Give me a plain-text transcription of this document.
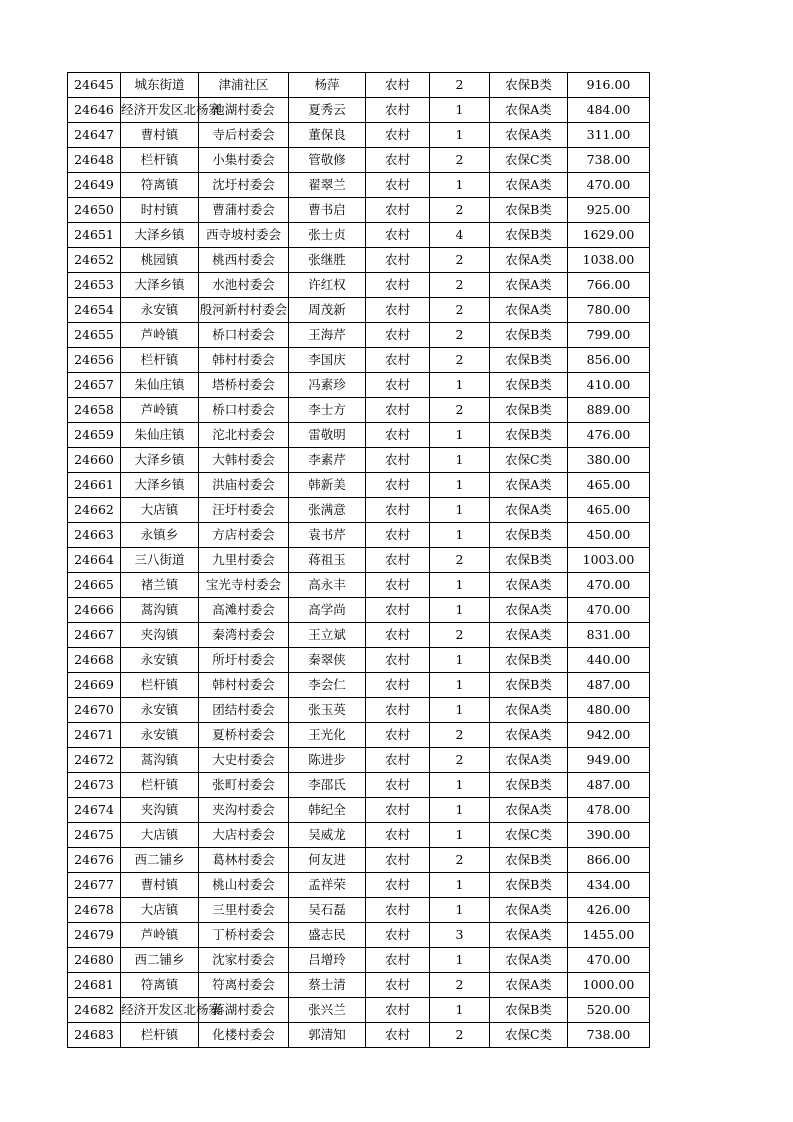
24645	城东街道	津浦社区	杨萍	农村	2	农保B类	916.00
24646	经济开发区北杨寨	池湖村委会	夏秀云	农村	1	农保A类	484.00
24647	曹村镇	寺后村委会	董保良	农村	1	农保A类	311.00
24648	栏杆镇	小集村委会	管敬修	农村	2	农保C类	738.00
24649	符离镇	沈圩村委会	翟翠兰	农村	1	农保A类	470.00
24650	时村镇	曹蒲村委会	曹书启	农村	2	农保B类	925.00
24651	大泽乡镇	西寺坡村委会	张士贞	农村	4	农保B类	1629.00
24652	桃园镇	桃西村委会	张继胜	农村	2	农保A类	1038.00
24653	大泽乡镇	水池村委会	许红权	农村	2	农保A类	766.00
24654	永安镇	殷河新村村委会	周茂新	农村	2	农保A类	780.00
24655	芦岭镇	桥口村委会	王海芹	农村	2	农保B类	799.00
24656	栏杆镇	韩村村委会	李国庆	农村	2	农保B类	856.00
24657	朱仙庄镇	塔桥村委会	冯素珍	农村	1	农保B类	410.00
24658	芦岭镇	桥口村委会	李士方	农村	2	农保B类	889.00
24659	朱仙庄镇	沱北村委会	雷敬明	农村	1	农保B类	476.00
24660	大泽乡镇	大韩村委会	李素芹	农村	1	农保C类	380.00
24661	大泽乡镇	洪庙村委会	韩新美	农村	1	农保A类	465.00
24662	大店镇	汪圩村委会	张满意	农村	1	农保A类	465.00
24663	永镇乡	方店村委会	袁书芹	农村	1	农保B类	450.00
24664	三八街道	九里村委会	蒋祖玉	农村	2	农保B类	1003.00
24665	褚兰镇	宝光寺村委会	高永丰	农村	1	农保A类	470.00
24666	蒿沟镇	高滩村委会	高学尚	农村	1	农保A类	470.00
24667	夹沟镇	秦湾村委会	王立斌	农村	2	农保A类	831.00
24668	永安镇	所圩村委会	秦翠侠	农村	1	农保B类	440.00
24669	栏杆镇	韩村村委会	李会仁	农村	1	农保B类	487.00
24670	永安镇	团结村委会	张玉英	农村	1	农保A类	480.00
24671	永安镇	夏桥村委会	王光化	农村	2	农保A类	942.00
24672	蒿沟镇	大史村委会	陈进步	农村	2	农保A类	949.00
24673	栏杆镇	张町村委会	李邵氏	农村	1	农保B类	487.00
24674	夹沟镇	夹沟村委会	韩纪全	农村	1	农保A类	478.00
24675	大店镇	大店村委会	吴威龙	农村	1	农保C类	390.00
24676	西二铺乡	葛林村委会	何友进	农村	2	农保B类	866.00
24677	曹村镇	桃山村委会	孟祥荣	农村	1	农保B类	434.00
24678	大店镇	三里村委会	吴石磊	农村	1	农保A类	426.00
24679	芦岭镇	丁桥村委会	盛志民	农村	3	农保A类	1455.00
24680	西二铺乡	沈家村委会	吕增玲	农村	1	农保A类	470.00
24681	符离镇	符离村委会	蔡士清	农村	2	农保A类	1000.00
24682	经济开发区北杨寨	蒋湖村委会	张兴兰	农村	1	农保B类	520.00
24683	栏杆镇	化楼村委会	郭清知	农村	2	农保C类	738.00
